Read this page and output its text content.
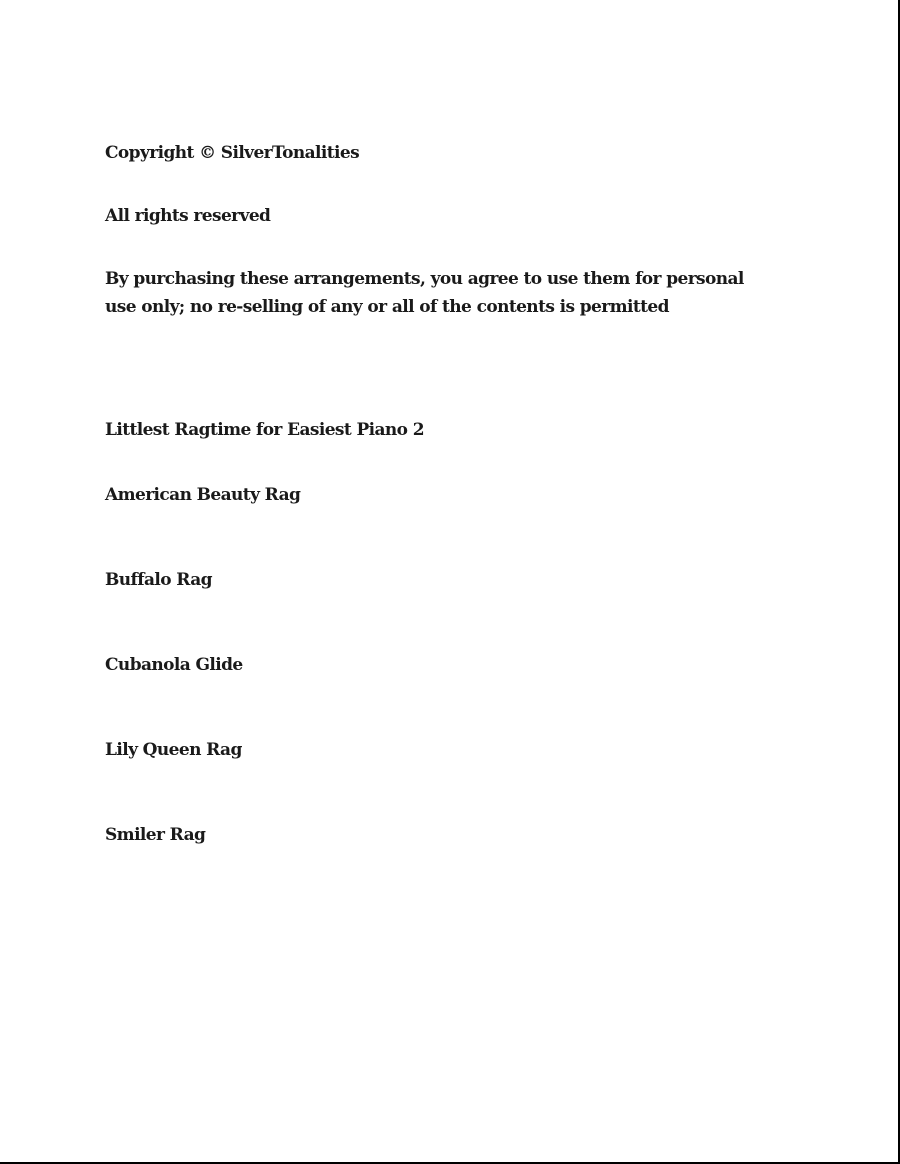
Copyright © SilverTonalities

All rights reserved

By purchasing these arrangements, you agree to use them for personal
use only; no re-selling of any or all of the contents is permitted

Littlest Ragtime for Easiest Piano 2

American Beauty Rag

Buffalo Rag

Cubanola Glide

Lily Queen Rag

Smiler Rag
